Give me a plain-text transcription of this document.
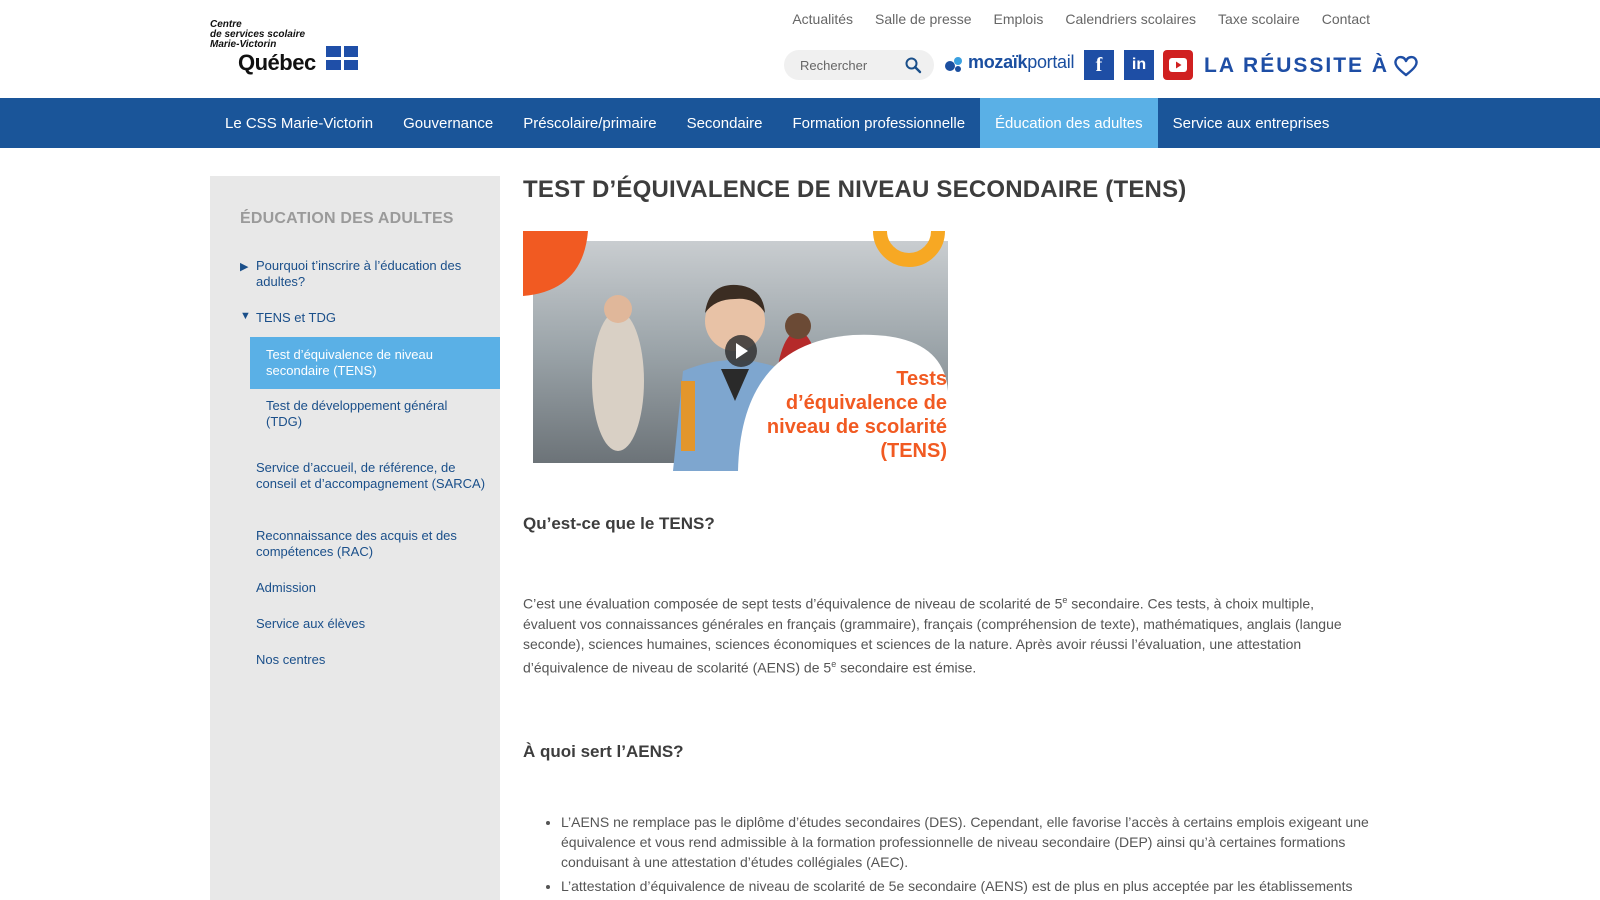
Centre
de services scolaire
Marie-Victorin
Québec
Actualités Salle de presse Emplois Calendriers scolaires Taxe scolaire Contact
Rechercher
mozaïkportail	f	in	LA RÉUSSITE À
Le CSS Marie-Victorin	Gouvernance	Préscolaire/primaire	Secondaire	Formation professionnelle	Éducation des adultes	Service aux entreprises
ÉDUCATION DES ADULTES
▶ Pourquoi t’inscrire à l’éducation des adultes?
▼ TENS et TDG
Test d’équivalence de niveau secondaire (TENS)
Test de développement général (TDG)
Service d’accueil, de référence, de conseil et d’accompagnement (SARCA)
Reconnaissance des acquis et des compétences (RAC)
Admission
Service aux élèves
Nos centres
TEST D’ÉQUIVALENCE DE NIVEAU SECONDAIRE (TENS)
Tests
d’équivalence de
niveau de scolarité
(TENS)
Qu’est-ce que le TENS?

C’est une évaluation composée de sept tests d’équivalence de niveau de scolarité de 5e secondaire. Ces tests, à choix multiple, évaluent vos connaissances générales en français (grammaire), français (compréhension de texte), mathématiques, anglais (langue seconde), sciences humaines, sciences économiques et sciences de la nature. Après avoir réussi l’évaluation, une attestation d’équivalence de niveau de scolarité (AENS) de 5e secondaire est émise.

À quoi sert l’AENS?
• L’AENS ne remplace pas le diplôme d’études secondaires (DES). Cependant, elle favorise l’accès à certains emplois exigeant une équivalence et vous rend admissible à la formation professionnelle de niveau secondaire (DEP) ainsi qu’à certaines formations conduisant à une attestation d’études collégiales (AEC).
• L’attestation d’équivalence de niveau de scolarité de 5e secondaire (AENS) est de plus en plus acceptée par les établissements
